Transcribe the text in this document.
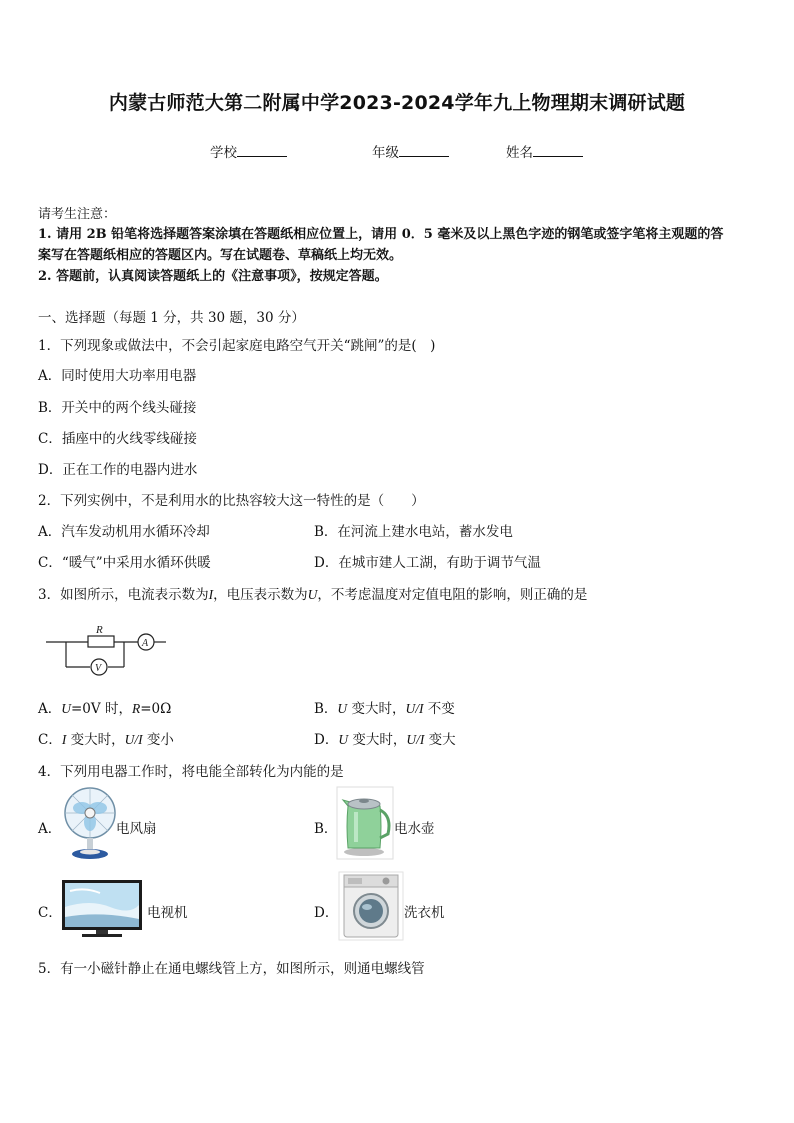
内蒙古师范大第二附属中学2023-2024学年九上物理期末调研试题
学校	年级	姓名
请考生注意：
1. 请用 2B 铅笔将选择题答案涂填在答题纸相应位置上，请用 0．5 毫米及以上黑色字迹的钢笔或签字笔将主观题的答
案写在答题纸相应的答题区内。写在试题卷、草稿纸上均无效。
2. 答题前，认真阅读答题纸上的《注意事项》，按规定答题。
一、选择题（每题 1 分，共 30 题，30 分）
1．下列现象或做法中，不会引起家庭电路空气开关“跳闸”的是(　)
A．同时使用大功率用电器
B．开关中的两个线头碰接
C．插座中的火线零线碰接
D．正在工作的电器内进水
2．下列实例中，不是利用水的比热容较大这一特性的是（　　）
A．汽车发动机用水循环冷却	B．在河流上建水电站，蓄水发电
C．“暖气”中采用水循环供暖	D．在城市建人工湖，有助于调节气温
3．如图所示，电流表示数为I，电压表示数为U，不考虑温度对定值电阻的影响，则正确的是
R
A
V
A．U=0V 时，R=0Ω	B．U 变大时，U/I 不变
C．I 变大时，U/I 变小	D．U 变大时，U/I 变大
4．下列用电器工作时，将电能全部转化为内能的是
A．	电风扇	B．	电水壶
C．	电视机	D．	洗衣机
5．有一小磁针静止在通电螺线管上方，如图所示，则通电螺线管
